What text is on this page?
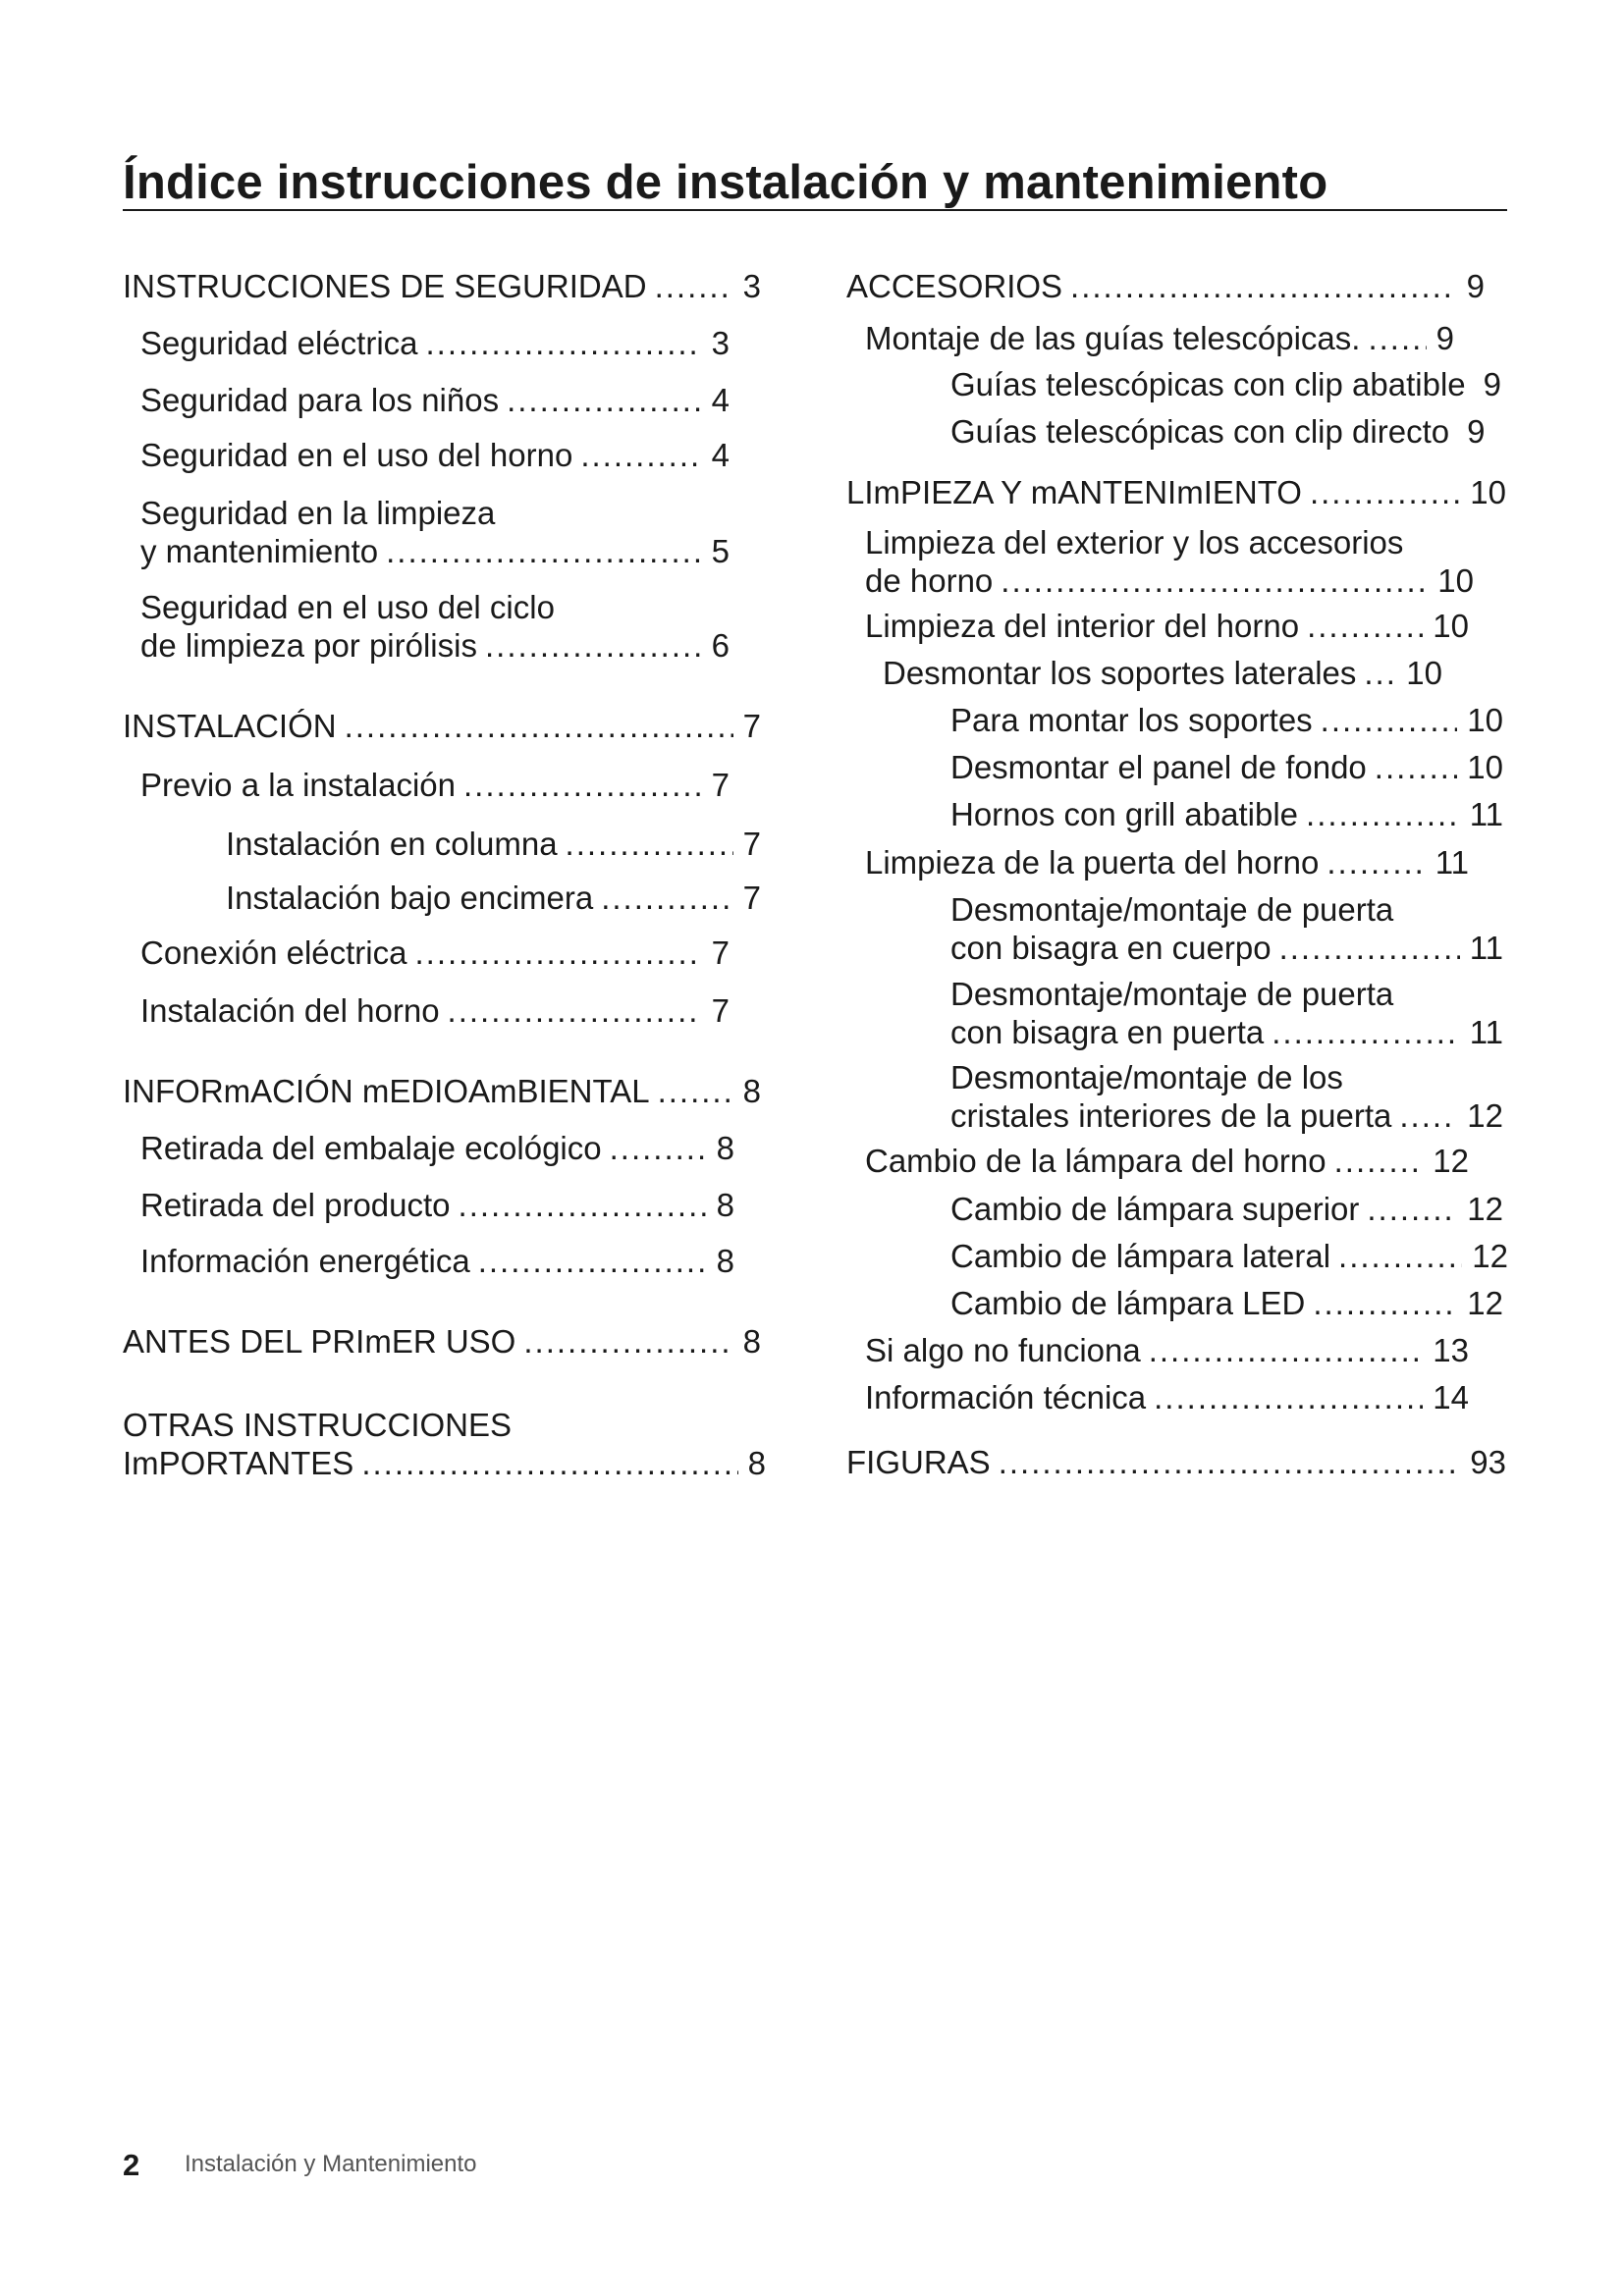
Índice instrucciones de instalación y mantenimiento
INSTRUCCIONES DE SEGURIDAD .....	3
Seguridad eléctrica .....	3
Seguridad para los niños .....	4
Seguridad en el uso del horno .....	4
Seguridad en la limpieza
y mantenimiento .....	5
Seguridad en el uso del ciclo
de limpieza por pirólisis .....	6
INSTALACIÓN .....	7
Previo a la instalación .....	7
Instalación en columna .....	7
Instalación bajo encimera .....	7
Conexión eléctrica .....	7
Instalación del horno .....	7
INFORmACIÓN mEDIOAmBIENTAL .....	8
Retirada del embalaje ecológico .....	8
Retirada del producto .....	8
Información energética .....	8
ANTES DEL PRImER USO .....	8
OTRAS INSTRUCCIONES
ImPORTANTES .....	8
ACCESORIOS .....	9
Montaje de las guías telescópicas. ..... 9
Guías telescópicas con clip abatible 9
Guías telescópicas con clip directo 9
LImPIEZA Y mANTENImIENTO .....	10
Limpieza del exterior y los accesorios
de horno .....	10
Limpieza del interior del horno .....	10
Desmontar los soportes laterales ..... 10
Para montar los soportes .....	10
Desmontar el panel de fondo .....	10
Hornos con grill abatible .....	11
Limpieza de la puerta del horno .....	11
Desmontaje/montaje de puerta
con bisagra en cuerpo .....	11
Desmontaje/montaje de puerta
con bisagra en puerta .....	11
Desmontaje/montaje de los
cristales interiores de la puerta ..... 12
Cambio de la lámpara del horno .....	12
Cambio de lámpara superior .....	12
Cambio de lámpara lateral .....	12
Cambio de lámpara LED .....	12
Si algo no funciona .....	13
Información técnica .....	14
FIGURAS .....	93
2 Instalación y Mantenimiento
